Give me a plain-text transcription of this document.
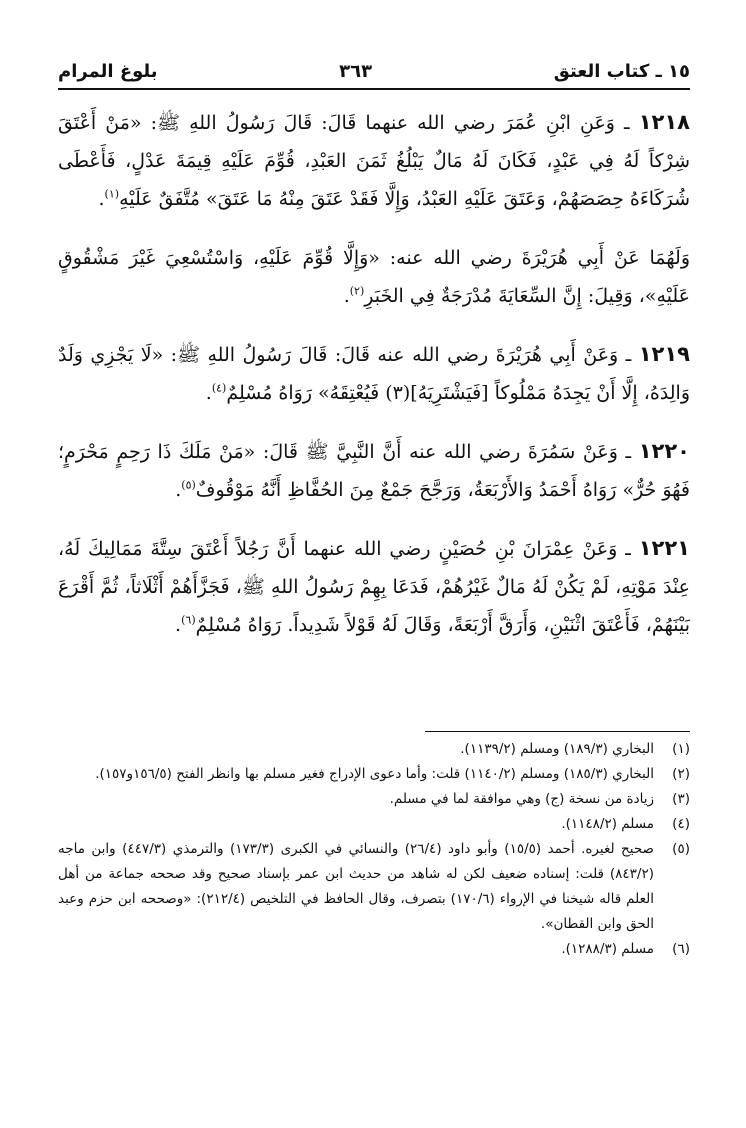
بلوغ المرام	٣٦٣	١٥ ـ كتاب العتق

١٢١٨ ـ وَعَنِ ابْنِ عُمَرَ رضي الله عنهما قَالَ: قَالَ رَسُولُ اللهِ ﷺ: «مَنْ أَعْتَقَ شِرْكاً لَهُ فِي عَبْدٍ، فَكَانَ لَهُ مَالٌ يَبْلُغُ ثَمَنَ العَبْدِ، قُوِّمَ عَلَيْهِ قِيمَةَ عَدْلٍ، فَأَعْطَى شُرَكَاءَهُ حِصَصَهُمْ، وَعَتَقَ عَلَيْهِ العَبْدُ، وَإِلَّا فَقَدْ عَتَقَ مِنْهُ مَا عَتَقَ» مُتَّفَقٌ عَلَيْهِ$^{(١)}$.

وَلَهُمَا عَنْ أَبِي هُرَيْرَةَ رضي الله عنه: «وَإِلَّا قُوِّمَ عَلَيْهِ، وَاسْتُسْعِيَ غَيْرَ مَشْقُوقٍ عَلَيْهِ»، وَقِيلَ: إِنَّ السِّعَايَةَ مُدْرَجَةٌ فِي الخَبَرِ$^{(٢)}$.

١٢١٩ ـ وَعَنْ أَبِي هُرَيْرَةَ رضي الله عنه قَالَ: قَالَ رَسُولُ اللهِ ﷺ: «لَا يَجْزِي وَلَدٌ وَالِدَهُ، إِلَّا أَنْ يَجِدَهُ مَمْلُوكاً [فَيَشْتَرِيَهُ](٣) فَيُعْتِقَهُ» رَوَاهُ مُسْلِمٌ$^{(٤)}$.

١٢٢٠ ـ وَعَنْ سَمُرَةَ رضي الله عنه أَنَّ النَّبِيَّ ﷺ قَالَ: «مَنْ مَلَكَ ذَا رَحِمٍ مَحْرَمٍ؛ فَهُوَ حُرٌّ» رَوَاهُ أَحْمَدُ وَالأَرْبَعَةُ، وَرَجَّحَ جَمْعٌ مِنَ الحُفَّاظِ أَنَّهُ مَوْقُوفٌ$^{(٥)}$.

١٢٢١ ـ وَعَنْ عِمْرَانَ بْنِ حُصَيْنٍ رضي الله عنهما أَنَّ رَجُلاً أَعْتَقَ سِتَّةَ مَمَالِيكَ لَهُ، عِنْدَ مَوْتِهِ، لَمْ يَكُنْ لَهُ مَالٌ غَيْرُهُمْ، فَدَعَا بِهِمْ رَسُولُ اللهِ ﷺ، فَجَزَّأَهُمْ أَثْلَاثاً، ثُمَّ أَقْرَعَ بَيْنَهُمْ، فَأَعْتَقَ اثْنَيْنِ، وَأَرَقَّ أَرْبَعَةً، وَقَالَ لَهُ قَوْلاً شَدِيداً. رَوَاهُ مُسْلِمٌ$^{(٦)}$.

(١)
البخاري (١٨٩/٣) ومسلم (١١٣٩/٢).
(٢)
البخاري (١٨٥/٣) ومسلم (١١٤٠/٢) قلت: وأما دعوى الإدراج فغير مسلم بها وانظر الفتح (١٥٦/٥و١٥٧).
(٣)
زيادة من نسخة (ج) وهي موافقة لما في مسلم.
(٤)
مسلم (١١٤٨/٢).
(٥)
صحيح لغيره. أحمد (١٥/٥) وأبو داود (٢٦/٤) والنسائي في الكبرى (١٧٣/٣) والترمذي (٤٤٧/٣) وابن ماجه (٨٤٣/٢) قلت: إسناده ضعيف لكن له شاهد من حديث ابن عمر بإسناد صحيح وقد صححه جماعة من أهل العلم قاله شيخنا في الإرواء (١٧٠/٦) بتصرف، وقال الحافظ في التلخيص (٢١٢/٤): «وصححه ابن حزم وعبد الحق وابن القطان».
(٦)
مسلم (١٢٨٨/٣).
